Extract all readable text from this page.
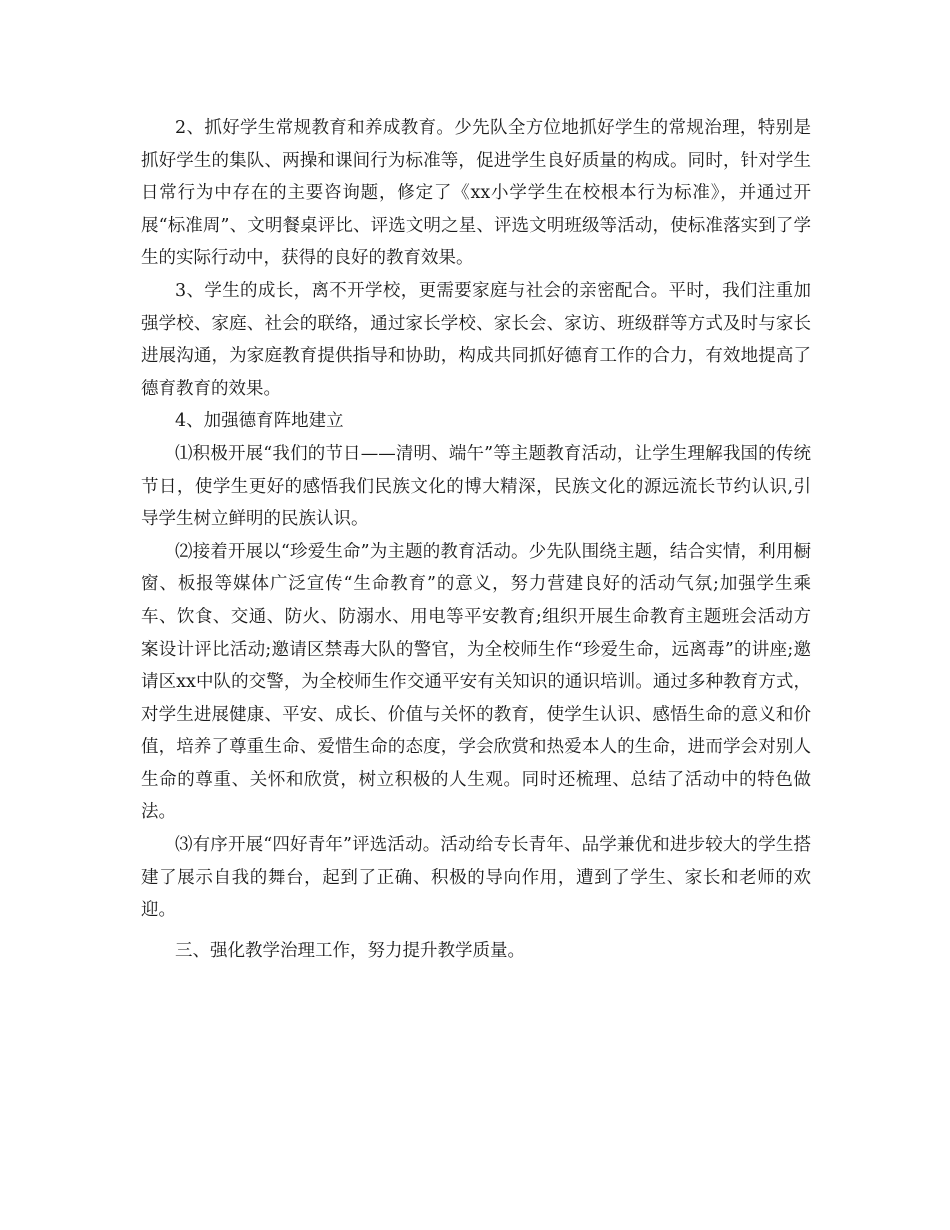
2、抓好学生常规教育和养成教育。少先队全方位地抓好学生的常规治理，特别是抓好学生的集队、两操和课间行为标准等，促进学生良好质量的构成。同时，针对学生日常行为中存在的主要咨询题，修定了《xx小学学生在校根本行为标准》，并通过开展“标准周”、文明餐桌评比、评选文明之星、评选文明班级等活动，使标准落实到了学生的实际行动中，获得的良好的教育效果。

3、学生的成长，离不开学校，更需要家庭与社会的亲密配合。平时，我们注重加强学校、家庭、社会的联络，通过家长学校、家长会、家访、班级群等方式及时与家长进展沟通，为家庭教育提供指导和协助，构成共同抓好德育工作的合力，有效地提高了德育教育的效果。

4、加强德育阵地建立

⑴积极开展“我们的节日——清明、端午”等主题教育活动，让学生理解我国的传统节日，使学生更好的感悟我们民族文化的博大精深，民族文化的源远流长节约认识,引导学生树立鲜明的民族认识。

⑵接着开展以“珍爱生命”为主题的教育活动。少先队围绕主题，结合实情，利用橱窗、板报等媒体广泛宣传“生命教育”的意义，努力营建良好的活动气氛;加强学生乘车、饮食、交通、防火、防溺水、用电等平安教育;组织开展生命教育主题班会活动方案设计评比活动;邀请区禁毒大队的警官，为全校师生作“珍爱生命，远离毒”的讲座;邀请区xx中队的交警，为全校师生作交通平安有关知识的通识培训。通过多种教育方式，对学生进展健康、平安、成长、价值与关怀的教育，使学生认识、感悟生命的意义和价值，培养了尊重生命、爱惜生命的态度，学会欣赏和热爱本人的生命，进而学会对别人生命的尊重、关怀和欣赏，树立积极的人生观。同时还梳理、总结了活动中的特色做法。

⑶有序开展“四好青年”评选活动。活动给专长青年、品学兼优和进步较大的学生搭建了展示自我的舞台，起到了正确、积极的导向作用，遭到了学生、家长和老师的欢迎。

三、强化教学治理工作，努力提升教学质量。
